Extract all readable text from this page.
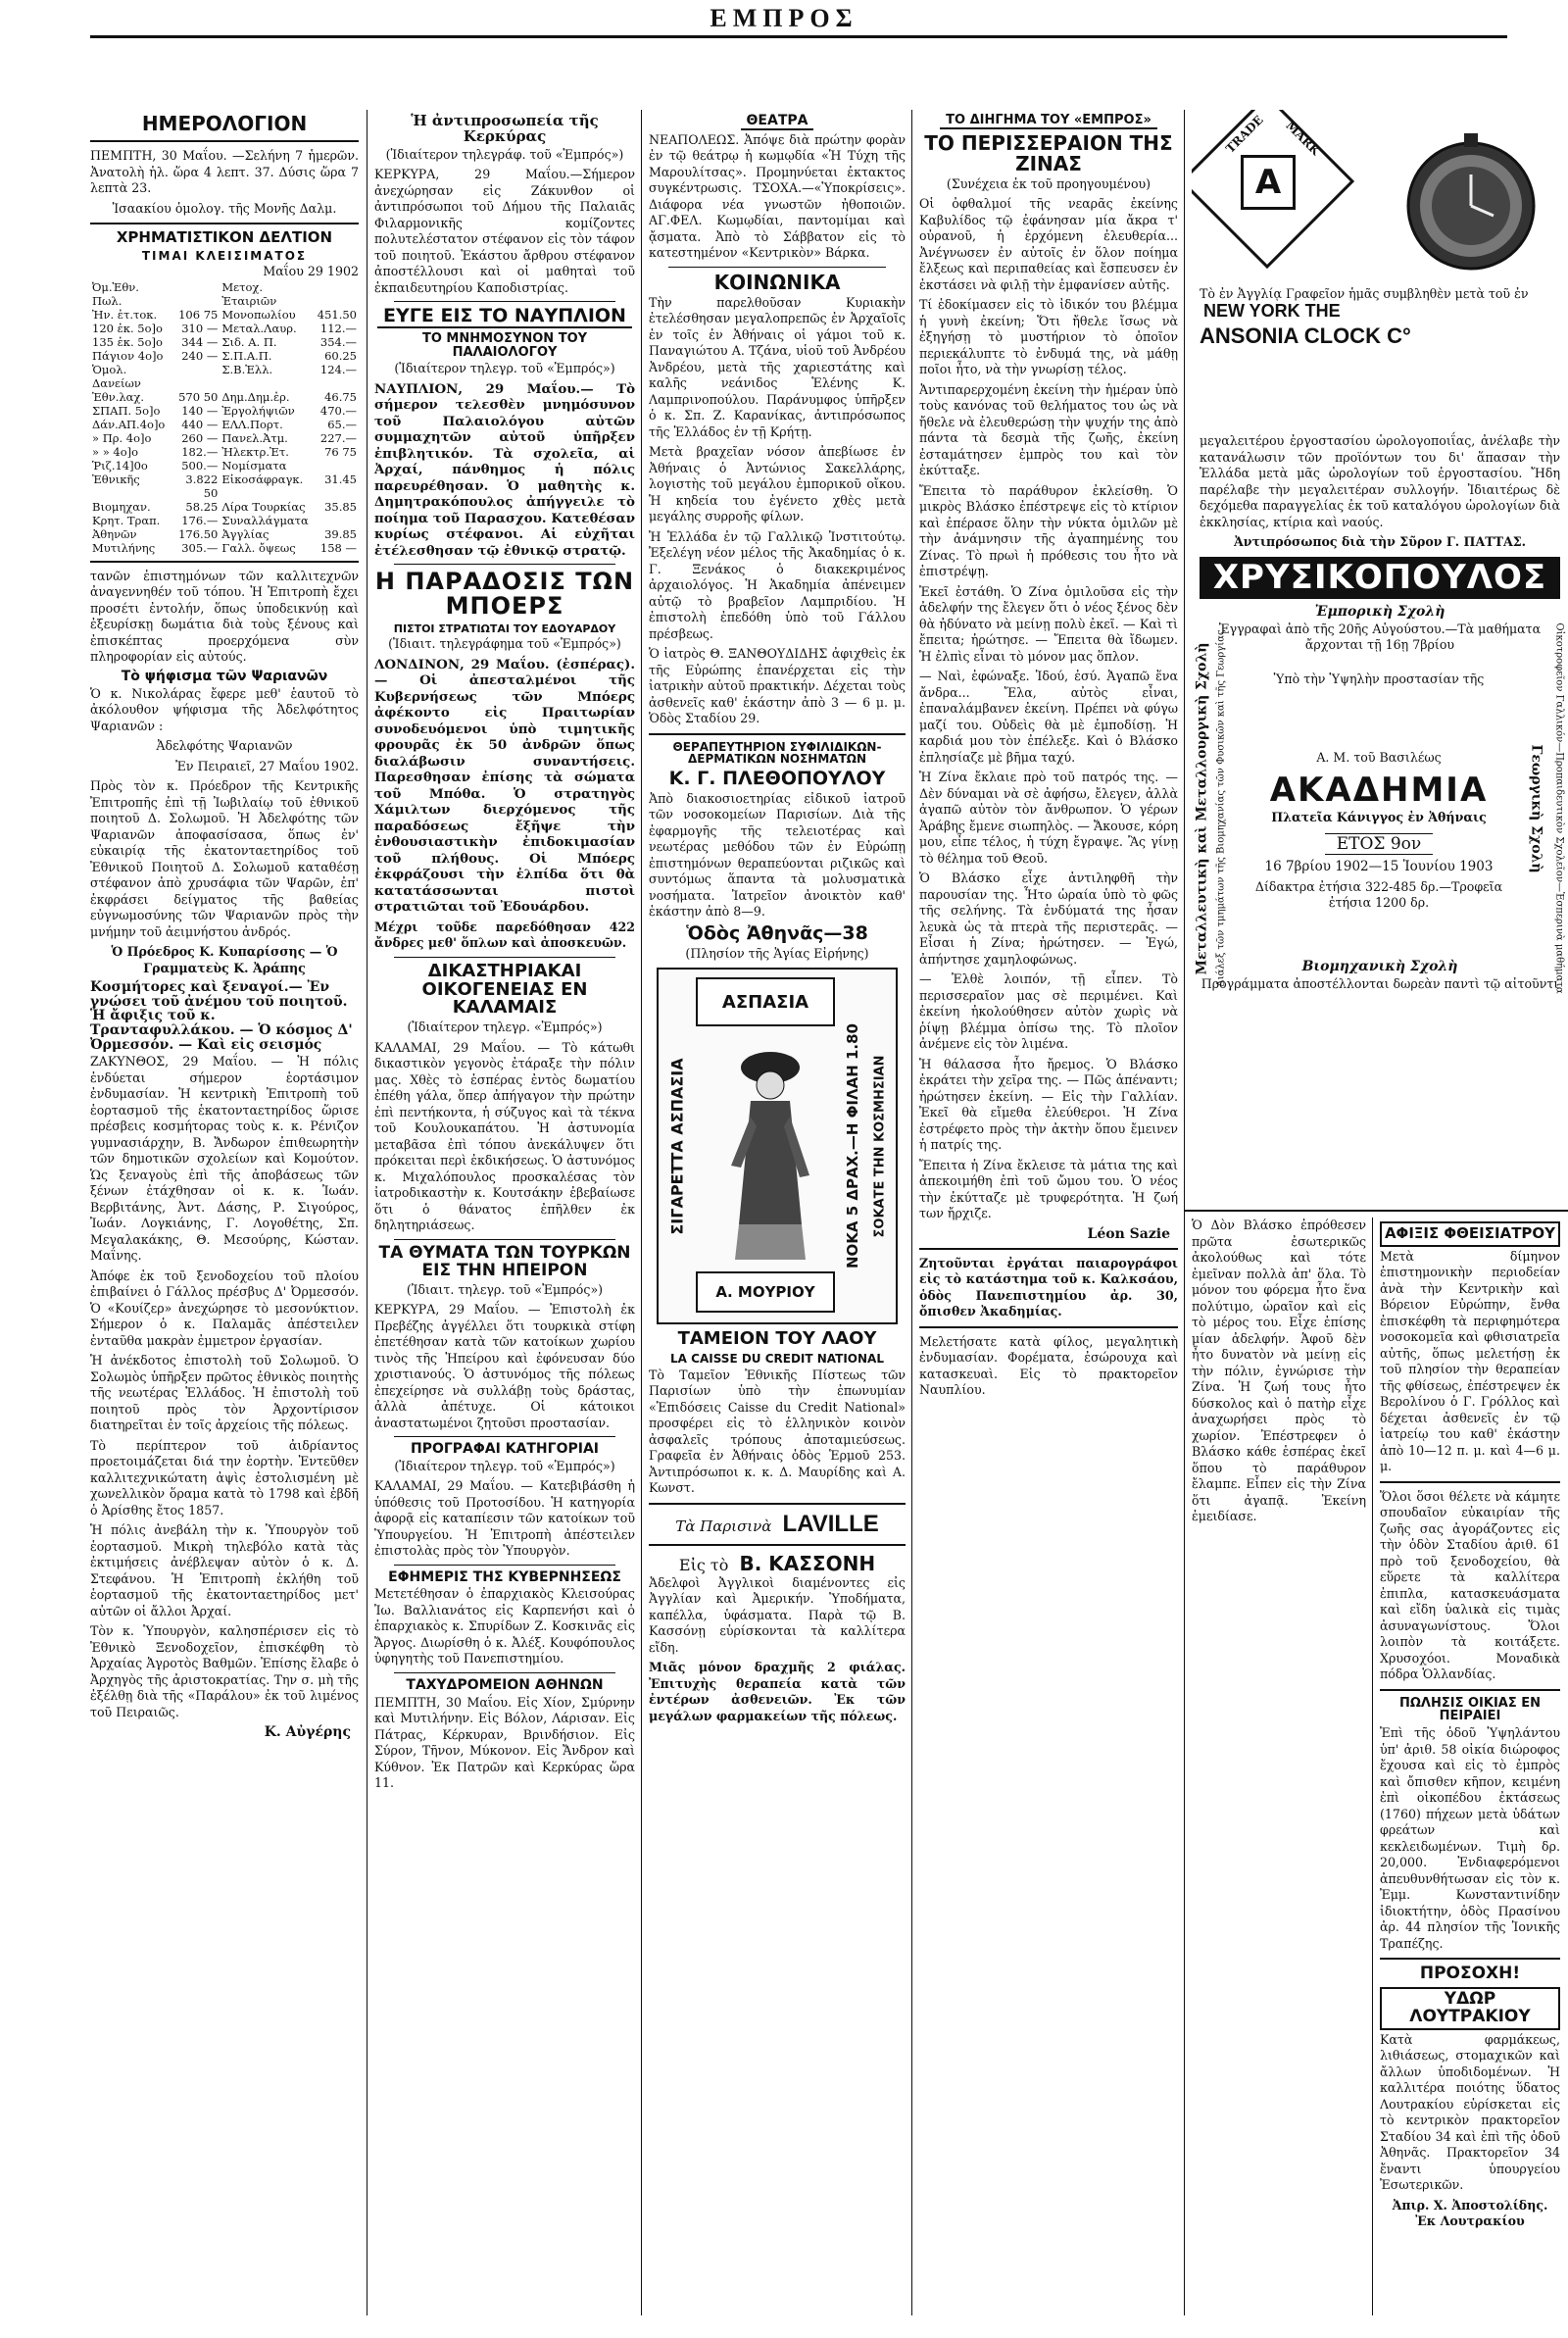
ΕΜΠΡΟΣ
ΗΜΕΡΟΛΟΓΙΟΝ

ΠΕΜΠΤΗ, 30 Μαΐου. —Σελήνη 7 ἡμερῶν. Ἀνατολὴ ἡλ. ὥρα 4 λεπτ. 37. Δύσις ὥρα 7 λεπτὰ 23.

Ἰσαακίου ὁμολογ. τῆς Μονῆς Δαλμ.

ΧΡΗΜΑΤΙΣΤΙΚΟΝ ΔΕΛΤΙΟΝ
ΤΙΜΑΙ ΚΛΕΙΣΙΜΑΤΟΣ
Μαΐου 29 1902
Ὀμ.Ἐθν. Πωλ.		Μετοχ. Ἑταιριῶν	
Ἠν. ἐτ.τοκ.	106 75	Μονοπωλίου	451.50
120 ἐκ. 5ο]ο	310 —	Μεταλ.Λαυρ.	112.—
135 ἐκ. 5ο]ο	344 —	Σιδ. Α. Π.	354.—
Πάγιον 4ο]ο	240 —	Σ.Π.Α.Π.	60.25
Ὁμολ. Δανείων		Σ.Β.Ἑλλ.	124.—
Ἐθν.λαχ.	570 50	Δημ.Δημ.ἑρ.	46.75
ΣΠΑΠ. 5ο]ο	140 —	Ἐργολήψιῶν	470.—
Δάν.ΑΠ.4ο]ο	440 —	ΕΛΛ.Πορτ.	65.—
» Πρ. 4ο]ο	260 —	Πανελ.Ἀτμ.	227.—
» » 4ο]ο	182.—	Ἠλεκτρ.Ἐτ.	76 75
Ῥιζ.14]0ο	500.—	Νομίσματα	
Ἐθνικῆς	3.822 50	Εἰκοσάφραγκ.	31.45
Βιομηχαν.	58.25	Λίρα Τουρκίας	35.85
Κρητ. Τραπ.	176.—	Συναλλάγματα	
Ἀθηνῶν	176.50	Ἀγγλίας	39.85
Μυτιλήνης	305.—	Γαλλ. ὄψεως	158 —

τανῶν ἐπιστημόνων τῶν καλλιτεχνῶν ἀναγεννηθέν τοῦ τόπου. Ἡ Ἐπιτροπὴ ἔχει προσέτι ἐντολήν, ὅπως ὑποδεικνύῃ καὶ ἐξευρίσκῃ δωμάτια διὰ τοὺς ξένους καὶ ἐπισκέπτας προερχόμενα σὺν πληροφορίαν εἰς αὐτούς.

Τὸ ψήφισμα τῶν Ψαριανῶν

Ὁ κ. Νικολάρας ἔφερε μεθ' ἑαυτοῦ τὸ ἀκόλουθον ψήφισμα τῆς Ἀδελφότητος Ψαριανῶν :

Ἀδελφότης Ψαριανῶν

Ἐν Πειραιεῖ, 27 Μαΐου 1902.

Πρὸς τὸν κ. Πρόεδρον τῆς Κεντρικῆς Ἐπιτροπῆς ἐπὶ τῇ Ἰωβιλαίῳ τοῦ ἐθνικοῦ ποιητοῦ Δ. Σολωμοῦ. Ἡ Ἀδελφότης τῶν Ψαριανῶν ἀποφασίσασα, ὅπως ἐν' εὐκαιρίᾳ τῆς ἑκατονταετηρίδος τοῦ Ἐθνικοῦ Ποιητοῦ Δ. Σολωμοῦ καταθέσῃ στέφανον ἀπὸ χρυσάφια τῶν Ψαρῶν, ἐπ' ἐκφράσει δείγματος τῆς βαθείας εὐγνωμοσύνης τῶν Ψαριανῶν πρὸς τὴν μνήμην τοῦ ἀειμνήστου ἀνδρός.

Ὁ Πρόεδρος Κ. Κυπαρίσσης — Ὁ Γραμματεὺς Κ. Ἀράπης

Κοσμήτορες καὶ ξεναγοί.— Ἐν γνώσει τοῦ ἀνέμου τοῦ ποιητοῦ. Ἡ ἄφιξις τοῦ κ. Τρανταφυλλάκου. — Ὁ κόσμος Δ' Ὀρμεσσόν. — Καὶ εἰς σεισμός

ΖΑΚΥΝΘΟΣ, 29 Μαΐου. — Ἡ πόλις ἐνδύεται σήμερον ἑορτάσιμον ἐνδυμασίαν. Ἡ κεντρικὴ Ἐπιτροπὴ τοῦ ἑορτασμοῦ τῆς ἑκατονταετηρίδος ὥρισε πρέσβεις κοσμήτορας τοὺς κ. κ. Ρένιζον γυμνασιάρχην, Β. Ἄνδωρον ἐπιθεωρητὴν τῶν δημοτικῶν σχολείων καὶ Κομούτον. Ὡς ξεναγοὺς ἐπὶ τῆς ἀποβάσεως τῶν ξένων ἐτάχθησαν οἱ κ. κ. Ἰωάν. Βερβιτάνης, Ἀντ. Δάσης, Ρ. Σιγούρος, Ἰωάν. Λογκιάνης, Γ. Λογοθέτης, Σπ. Μεγαλακάκης, Θ. Μεσούρης, Κώσταν. Μαΐνης.

Ἀπόφε ἐκ τοῦ ξενοδοχείου τοῦ πλοίου ἐπιβαίνει ὁ Γάλλος πρέσβυς Δ' Ὀρμεσσόν. Ὁ «Κουίζερ» ἀνεχώρησε τὸ μεσονύκτιον. Σήμερον ὁ κ. Παλαμᾶς ἀπέστειλεν ἐνταῦθα μακρὰν ἐμμετρον ἐργασίαν.

Ἡ ἀνέκδοτος ἐπιστολὴ τοῦ Σολωμοῦ. Ὁ Σολωμὸς ὑπῆρξεν πρῶτος ἐθνικὸς ποιητὴς τῆς νεωτέρας Ἑλλάδος. Ἡ ἐπιστολὴ τοῦ ποιητοῦ πρὸς τὸν Ἀρχοντίρισον διατηρεῖται ἐν τοῖς ἀρχείοις τῆς πόλεως.

Τὸ περίπτερον τοῦ ἀιδρίαντος προετοιμάζεται διά την ἐορτὴν. Ἐντεῦθεν καλλιτεχνικώτατη ἀψὶς ἐστολισμένη μὲ χωνελλικὸν ὅραμα κατὰ τὸ 1798 καὶ ἐβδῆ ὁ Ἀρίσθης ἔτος 1857.

Ἡ πόλις ἀνεβάλη τὴν κ. Ὑπουργὸν τοῦ ἑορτασμοῦ. Μικρὴ τηλεβόλο κατὰ τὰς ἐκτιμήσεις ἀνέβλεψαν αὐτὸν ὁ κ. Δ. Στεφάνου. Ἡ Ἐπιτροπὴ ἐκλήθη τοῦ ἑορτασμοῦ τῆς ἑκατονταετηρίδος μετ' αὐτῶν οἱ ἄλλοι Ἀρχαί.

Τὸν κ. Ὑπουργὸν, καλησπέρισεν εἰς τὸ Ἐθνικὸ Ξενοδοχεῖον, ἐπισκέφθη τὸ Ἀρχαίας Ἀγροτὸς Βαθμῶν. Ἐπίσης ἔλαβε ὁ Ἀρχηγὸς τῆς ἀριστοκρατίας. Την σ. μὴ τῆς ἐξέλθῃ διὰ τῆς «Παράλου» ἐκ τοῦ λιμένος τοῦ Πειραιῶς.

Κ. Αὐγέρης
Ἡ ἀντιπροσωπεία τῆς Κερκύρας

(Ἰδιαίτερον τηλεγράφ. τοῦ «Ἐμπρός»)

ΚΕΡΚΥΡΑ, 29 Μαΐου.—Σήμερον ἀνεχώρησαν εἰς Ζάκυνθον οἱ ἀντιπρόσωποι τοῦ Δήμου τῆς Παλαιᾶς Φιλαρμονικῆς κομίζοντες πολυτελέστατον στέφανον εἰς τὸν τάφον τοῦ ποιητοῦ. Ἑκάστου ἄρθρου στέφανον ἀποστέλλουσι καὶ οἱ μαθηταὶ τοῦ ἐκπαιδευτηρίου Καποδιστρίας.

ΕΥΓΕ ΕΙΣ ΤΟ ΝΑΥΠΛΙΟΝ
ΤΟ ΜΝΗΜΟΣΥΝΟΝ ΤΟΥ ΠΑΛΑΙΟΛΟΓΟΥ

(Ἰδιαίτερον τηλεγρ. τοῦ «Ἐμπρός»)

ΝΑΥΠΛΙΟΝ, 29 Μαΐου.— Τὸ σήμερον τελεσθὲν μνημόσυνον τοῦ Παλαιολόγου αὐτῶν συμμαχητῶν αὐτοῦ ὑπῆρξεν ἐπιβλητικόν. Τὰ σχολεῖα, αἱ Ἀρχαί, πάνθημος ἡ πόλις παρευρέθησαν. Ὁ μαθητὴς κ. Δημητρακόπουλος ἀπήγγειλε τὸ ποίημα τοῦ Παρασχου. Κατεθέσαν κυρίως στέφανοι. Αἱ εὐχῆται ἐτέλεσθησαν τῷ ἐθνικῷ στρατῷ.

Η ΠΑΡΑΔΟΣΙΣ ΤΩΝ ΜΠΟΕΡΣ
ΠΙΣΤΟΙ ΣΤΡΑΤΙΩΤΑΙ ΤΟΥ ΕΔΟΥΑΡΔΟΥ

(Ἰδιαιτ. τηλεγράφημα τοῦ «Ἐμπρός»)

ΛΟΝΔΙΝΟΝ, 29 Μαΐου. (ἐσπέρας). — Οἱ ἀπεσταλμένοι τῆς Κυβερνήσεως τῶν Μπόερς ἀφέκοντο εἰς Πραιτωρίαν συνοδευόμενοι ὑπὸ τιμητικῆς φρουρᾶς ἐκ 50 ἀνδρῶν ὅπως διαλάβωσιν συναντήσεις. Παρεσθησαν ἐπίσης τὰ σώματα τοῦ Μπόθα. Ὁ στρατηγὸς Χάμιλτων διερχόμενος τῆς παραδόσεως ἔξῆψε τὴν ἐνθουσιαστικὴν ἐπιδοκιμασίαν τοῦ πλήθους. Οἱ Μπόερς ἐκφράζουσι τὴν ἐλπίδα ὅτι θὰ κατατάσσωνται πιστοὶ στρατιῶται τοῦ Ἐδουάρδου.

Μέχρι τοῦδε παρεδόθησαν 422 ἄνδρες μεθ' ὅπλων καὶ ἀποσκευῶν.

ΔΙΚΑΣΤΗΡΙΑΚΑΙ ΟΙΚΟΓΕΝΕΙΑΣ ΕΝ ΚΑΛΑΜΑΙΣ

(Ἰδιαίτερον τηλεγρ. «Ἐμπρός»)

ΚΑΛΑΜΑΙ, 29 Μαΐου. — Τὸ κάτωθι δικαστικὸν γεγονὸς ἐτάραξε τὴν πόλιν μας. Χθὲς τὸ ἑσπέρας ἐντὸς δωματίου ἐπέθη γάλα, ὅπερ ἀπήγαγον τὴν πρώτην ἐπὶ πεντήκοντα, ἡ σύζυγος καὶ τὰ τέκνα τοῦ Κουλουκαπάτου. Ἡ ἀστυνομία μεταβᾶσα ἐπὶ τόπου ἀνεκάλυψεν ὅτι πρόκειται περὶ ἐκδικήσεως. Ὁ ἀστυνόμος κ. Μιχαλόπουλος προσκαλέσας τὸν ἰατροδικαστὴν κ. Κουτσάκην ἐβεβαίωσε ὅτι ὁ θάνατος ἐπῆλθεν ἐκ δηλητηριάσεως.

ΤΑ ΘΥΜΑΤΑ ΤΩΝ ΤΟΥΡΚΩΝ ΕΙΣ ΤΗΝ ΗΠΕΙΡΟΝ

(Ἰδιαιτ. τηλεγρ. τοῦ «Ἐμπρός»)

ΚΕΡΚΥΡΑ, 29 Μαΐου. — Ἐπιστολὴ ἐκ Πρεβέζης ἀγγέλλει ὅτι τουρκικὰ στίφη ἐπετέθησαν κατὰ τῶν κατοίκων χωρίου τινὸς τῆς Ἠπείρου καὶ ἐφόνευσαν δύο χριστιανούς. Ὁ ἀστυνόμος τῆς πόλεως ἐπεχείρησε νὰ συλλάβῃ τοὺς δράστας, ἀλλὰ ἀπέτυχε. Οἱ κάτοικοι ἀναστατωμένοι ζητοῦσι προστασίαν.

ΠΡΟΓΡΑΦΑΙ ΚΑΤΗΓΟΡΙΑΙ

(Ἰδιαίτερον τηλεγρ. τοῦ «Ἐμπρός»)

ΚΑΛΑΜΑΙ, 29 Μαΐου. — Κατεβιβάσθη ἡ ὑπόθεσις τοῦ Προτοσίδου. Ἡ κατηγορία ἀφορᾷ εἰς καταπίεσιν τῶν κατοίκων τοῦ Ὑπουργείου. Ἡ Ἐπιτροπὴ ἀπέστειλεν ἐπιστολὰς πρὸς τὸν Ὑπουργὸν.

ΕΦΗΜΕΡΙΣ ΤΗΣ ΚΥΒΕΡΝΗΣΕΩΣ

Μετετέθησαν ὁ ἐπαρχιακὸς Κλεισούρας Ἰω. Βαλλιανάτος εἰς Καρπενήσι καὶ ὁ ἐπαρχιακὸς κ. Σπυρίδων Ζ. Κοσκινᾶς εἰς Ἄργος. Διωρίσθη ὁ κ. Ἀλέξ. Κουφόπουλος ὑφηγητὴς τοῦ Πανεπιστημίου.

ΤΑΧΥΔΡΟΜΕΙΟΝ ΑΘΗΝΩΝ

ΠΕΜΠΤΗ, 30 Μαΐου. Εἰς Χίον, Σμύρνην καὶ Μυτιλήνην. Εἰς Βόλον, Λάρισαν. Εἰς Πάτρας, Κέρκυραν, Βρινδήσιον. Εἰς Σύρον, Τῆνον, Μύκονον. Εἰς Ἄνδρον καὶ Κύθνον. Ἐκ Πατρῶν καὶ Κερκύρας ὥρα 11.

ΘΕΑΤΡΑ

ΝΕΑΠΟΛΕΩΣ. Ἀπόψε διὰ πρώτην φορὰν ἐν τῷ θεάτρῳ ἡ κωμῳδία «Ἡ Τύχη τῆς Μαρουλίτσας». Προμηνύεται ἐκτακτος συγκέντρωσις. ΤΣΟΧΑ.—«Ὑποκρίσεις». Διάφορα νέα γνωστῶν ἠθοποιῶν. ΑΓ.ΦΕΛ. Κωμῳδίαι, παντομίμαι καὶ ᾄσματα. Ἀπὸ τὸ Σάββατον εἰς τὸ κατεστημένον «Κεντρικὸν» Βάρκα.

ΚΟΙΝΩΝΙΚΑ

Τὴν παρελθοῦσαν Κυριακὴν ἐτελέσθησαν μεγαλοπρεπῶς ἐν Ἀρχαῖοῖς ἐν τοῖς ἐν Ἀθήναις οἱ γάμοι τοῦ κ. Παναγιώτου Α. Τζάνα, υἱοῦ τοῦ Ἀνδρέου Ἀνδρέου, μετὰ τῆς χαριεστάτης καὶ καλῆς νεάνιδος Ἑλένης Κ. Λαμπρινοπούλου. Παράνυμφος ὑπῆρξεν ὁ κ. Σπ. Ζ. Καρανίκας, ἀντιπρόσωπος τῆς Ἑλλάδος ἐν τῇ Κρήτῃ.

Μετὰ βραχεῖαν νόσον ἀπεβίωσε ἐν Ἀθήναις ὁ Ἀντώνιος Σακελλάρης, λογιστὴς τοῦ μεγάλου ἐμπορικοῦ οἴκου. Ἡ κηδεία του ἐγένετο χθὲς μετὰ μεγάλης συρροῆς φίλων.

Ἡ Ἑλλάδα ἐν τῷ Γαλλικῷ Ἰνστιτούτῳ. Ἐξελέγη νέον μέλος τῆς Ἀκαδημίας ὁ κ. Γ. Ξενάκος ὁ διακεκριμένος ἀρχαιολόγος. Ἡ Ἀκαδημία ἀπένειμεν αὐτῷ τὸ βραβεῖον Λαμπριδίου. Ἡ ἐπιστολὴ ἐπεδόθη ὑπὸ τοῦ Γάλλου πρέσβεως.

Ὁ ἰατρὸς Θ. ΞΑΝΘΟΥΔΙΔΗΣ ἀφιχθεὶς ἐκ τῆς Εὐρώπης ἐπανέρχεται εἰς τὴν ἰατρικὴν αὐτοῦ πρακτικήν. Δέχεται τοὺς ἀσθενεῖς καθ' ἑκάστην ἀπὸ 3 — 6 μ. μ. Ὁδὸς Σταδίου 29.

ΘΕΡΑΠΕΥΤΗΡΙΟΝ ΣΥΦΙΛΙΔΙΚΩΝ-ΔΕΡΜΑΤΙΚΩΝ ΝΟΣΗΜΑΤΩΝ
Κ. Γ. ΠΛΕΘΟΠΟΥΛΟΥ

Ἀπὸ διακοσιοετηρίας εἰδικοῦ ἰατροῦ τῶν νοσοκομείων Παρισίων. Διὰ τῆς ἐφαρμογῆς τῆς τελειοτέρας καὶ νεωτέρας μεθόδου τῶν ἐν Εὐρώπῃ ἐπιστημόνων θεραπεύονται ριζικῶς καὶ συντόμως ἅπαντα τὰ μολυσματικὰ νοσήματα. Ἰατρεῖον ἀνοικτὸν καθ' ἑκάστην ἀπὸ 8—9.

Ὁδὸς Ἀθηνᾶς—38

(Πλησίον τῆς Ἁγίας Εἰρήνης)

ΣΙΓΑΡΕΤΤΑ ΑΣΠΑΣΙΑ
ΑΣΠΑΣΙΑ
Α. ΜΟΥΡΙΟΥ
ΝΟΚΑ 5 ΔΡΑΧ.—Η ΦΙΛΑΗ 1.80 ΣΟΚΑΤΕ ΤΗΝ ΚΟΣΜΗΣΙΑΝ
ΤΑΜΕΙΟΝ ΤΟΥ ΛΑΟΥ
LA CAISSE DU CREDIT NATIONAL

Τὸ Ταμεῖον Ἐθνικῆς Πίστεως τῶν Παρισίων ὑπὸ τὴν ἐπωνυμίαν «Ἐπιδόσεις Caisse du Credit National» προσφέρει εἰς τὸ ἑλληνικὸν κοινὸν ἀσφαλεῖς τρόπους ἀποταμιεύσεως. Γραφεῖα ἐν Ἀθήναις ὁδὸς Ἑρμοῦ 253. Ἀντιπρόσωποι κ. κ. Δ. Μαυρίδης καὶ Α. Κωνστ.

Τὰ Παρισινὰ LAVILLE
Εἰς τὸ Β. ΚΑΣΣΟΝΗ

Ἀδελφοὶ Ἀγγλικοὶ διαμένοντες εἰς Ἀγγλίαν καὶ Ἀμερικήν. Ὑποδήματα, καπέλλα, ὑφάσματα. Παρὰ τῷ Β. Κασσόνῃ εὑρίσκονται τὰ καλλίτερα εἴδη.

Μιᾶς μόνον δραχμῆς 2 φιάλας. Ἐπιτυχὴς θεραπεία κατὰ τῶν ἐντέρων ἀσθενειῶν. Ἐκ τῶν μεγάλων φαρμακείων τῆς πόλεως.

ΤΟ ΔΙΗΓΗΜΑ ΤΟΥ «ΕΜΠΡΟΣ»
ΤΟ ΠΕΡΙΣΣΕΡΑΙΟΝ ΤΗΣ ΖΙΝΑΣ

(Συνέχεια ἐκ τοῦ προηγουμένου)

Οἱ ὀφθαλμοί τῆς νεαρᾶς ἐκείνης Καβυλίδος τῷ ἐφάνησαν μία ἄκρα τ' οὐρανοῦ, ἡ ἐρχόμενη ἐλευθερία... Ἀνέγνωσεν ἐν αὐτοῖς ἐν ὅλον ποίημα ἔλξεως καὶ περιπαθείας καὶ ἔσπευσεν ἐν ἐκστάσει νὰ φιλῇ τὴν ἐμφανίσεν αὐτῆς.

Τί ἐδοκίμασεν εἰς τὸ ἰδικόν του βλέμμα ἡ γυνὴ ἐκείνη; Ὅτι ἤθελε ἴσως νὰ ἐξηγήσῃ τὸ μυστήριον τὸ ὁποῖον περιεκάλυπτε τὸ ἐνδυμά της, νὰ μάθῃ ποῖοι ἦτο, νὰ τὴν γνωρίσῃ τέλος.

Ἀντιπαρερχομένη ἐκείνη τὴν ἡμέραν ὑπὸ τοὺς κανόνας τοῦ θελήματος του ὡς νὰ ἤθελε νὰ ἐλευθερώσῃ τὴν ψυχήν της ἀπὸ πάντα τὰ δεσμὰ τῆς ζωῆς, ἐκείνη ἐσταμάτησεν ἐμπρὸς του καὶ τὸν ἐκύτταξε.

Ἔπειτα τὸ παράθυρον ἐκλείσθη. Ὁ μικρὸς Βλάσκο ἐπέστρεψε εἰς τὸ κτίριον καὶ ἐπέρασε ὅλην τὴν νύκτα ὁμιλῶν μὲ τὴν ἀνάμνησιν τῆς ἀγαπημένης του Ζίνας. Τὸ πρωὶ ἡ πρόθεσις του ἦτο νὰ ἐπιστρέψῃ.

Ἐκεῖ ἐστάθη. Ὁ Ζίνα ὁμιλοῦσα εἰς τὴν ἀδελφήν της ἔλεγεν ὅτι ὁ νέος ξένος δὲν θὰ ἠδύνατο νὰ μείνῃ πολὺ ἐκεῖ. — Καὶ τὶ ἔπειτα; ἠρώτησε. — Ἔπειτα θὰ ἴδωμεν. Ἡ ἐλπὶς εἶναι τὸ μόνον μας ὅπλον.

— Ναὶ, ἐφώναξε. Ἰδού, ἐσύ. Ἀγαπῶ ἕνα ἄνδρα... Ἔλα, αὐτὸς εἶναι, ἐπαναλάμβανεν ἐκείνη. Πρέπει νὰ φύγω μαζί του. Οὐδεὶς θὰ μὲ ἐμποδίσῃ. Ἡ καρδιά μου τὸν ἐπέλεξε. Καὶ ὁ Βλάσκο ἐπλησίαζε μὲ βῆμα ταχύ.

Ἡ Ζίνα ἔκλαιε πρὸ τοῦ πατρός της. — Δὲν δύναμαι νὰ σὲ ἀφήσω, ἔλεγεν, ἀλλὰ ἀγαπῶ αὐτὸν τὸν ἄνθρωπον. Ὁ γέρων Ἀράβης ἔμενε σιωπηλὸς. — Ἄκουσε, κόρη μου, εἶπε τέλος, ἡ τύχη ἔγραψε. Ἂς γίνῃ τὸ θέλημα τοῦ Θεοῦ.

Ὁ Βλάσκο εἶχε ἀντιληφθῆ τὴν παρουσίαν της. Ἦτο ὡραία ὑπὸ τὸ φῶς τῆς σελήνης. Τὰ ἐνδύματά της ἦσαν λευκὰ ὡς τὰ πτερὰ τῆς περιστερᾶς. — Εἶσαι ἡ Ζίνα; ἠρώτησεν. — Ἐγώ, ἀπήντησε χαμηλοφώνως.

— Ἐλθὲ λοιπόν, τῇ εἶπεν. Τὸ περισσεραῖον μας σὲ περιμένει. Καὶ ἐκείνη ἠκολούθησεν αὐτὸν χωρὶς νὰ ῥίψῃ βλέμμα ὀπίσω της. Τὸ πλοῖον ἀνέμενε εἰς τὸν λιμένα.

Ἡ θάλασσα ἦτο ἤρεμος. Ὁ Βλάσκο ἐκράτει τὴν χεῖρα της. — Πῶς ἀπέναντι; ἠρώτησεν ἐκείνη. — Εἰς τὴν Γαλλίαν. Ἐκεῖ θὰ εἴμεθα ἐλεύθεροι. Ἡ Ζίνα ἐστρέφετο πρὸς τὴν ἀκτὴν ὅπου ἔμεινεν ἡ πατρίς της.

Ἔπειτα ἡ Ζίνα ἔκλεισε τὰ μάτια της καὶ ἀπεκοιμήθη ἐπὶ τοῦ ὤμου του. Ὁ νέος τὴν ἐκύτταζε μὲ τρυφερότητα. Ἡ ζωή των ἤρχιζε.

Léon Sazie

Ζητοῦνται ἐργάται παιαρογράφοι εἰς τὸ κατάστημα τοῦ κ. Καλκσάου, ὁδὸς Πανεπιστημίου ἀρ. 30, ὄπισθεν Ἀκαδημίας.

Μελετήσατε κατὰ φίλος, μεγαλητικὴ ἐνδυμασίαν. Φορέματα, ἐσώρουχα καὶ κατασκευαὶ. Εἰς τὸ πρακτορεῖον Ναυπλίου.

TRADE MARK
A
Τὸ ἐν Ἀγγλίᾳ Γραφεῖον ἡμᾶς συμβληθὲν μετὰ τοῦ ἐν NEW YORK THE
ANSONIA CLOCK C°

μεγαλειτέρου ἐργοστασίου ὡρολογοποιΐας, ἀνέλαβε τὴν κατανάλωσιν τῶν προϊόντων του δι' ἅπασαν τὴν Ἑλλάδα μετὰ μᾶς ὡρολογίων τοῦ ἐργοστασίου. Ἤδη παρέλαβε τὴν μεγαλειτέραν συλλογήν. Ἰδιαιτέρως δὲ δεχόμεθα παραγγελίας ἐκ τοῦ καταλόγου ὡρολογίων διὰ ἐκκλησίας, κτίρια καὶ ναούς.

Ἀντιπρόσωπος διὰ τὴν Σῦρον Γ. ΠΑΤΤΑΣ.

ΧΡΥΣΙΚΟΠΟΥΛΟΣ
Ἐμπορικὴ Σχολὴ

Ἐγγραφαὶ ἀπὸ τῆς 20ῆς Αὐγούστου.—Τὰ μαθήματα ἄρχονται τῇ 16ῃ 7βρίου

Μεταλλευτικὴ καὶ Μεταλλουργικὴ Σχολὴ Διάλεξ τῶν τμημάτων τῆς Βιομηχανίας τῶν Φυσικῶν καὶ τῆς Γεωργίας	Γεωργικὴ Σχολὴ Οἰκοτροφεῖον Γαλλικόν—Προπαιδευτικὸν Σχολεῖον—Ἑσπερινὰ μαθήματα

Ὑπὸ τὴν Ὑψηλὴν προστασίαν τῆς

Α. Μ. τοῦ Βασιλέως

ΑΚΑΔΗΜΙΑ

Πλατεῖα Κάνιγγος ἐν Ἀθήναις

ΕΤΟΣ 9ον

16 7βρίου 1902—15 Ἰουνίου 1903

Δίδακτρα ἐτήσια 322-485 δρ.—Τροφεῖα ἐτήσια 1200 δρ.

Βιομηχανικὴ Σχολὴ

Προγράμματα ἀποστέλλονται δωρεὰν παντὶ τῷ αἰτοῦντι

Ὁ Δὸν Βλάσκο ἐπρόθεσεν πρῶτα ἐσωτερικῶς ἀκολούθως καὶ τότε ἐμεῖναν πολλὰ ἀπ' ὅλα. Τὸ μόνον του φόρεμα ἦτο ἕνα πολύτιμο, ὡραῖον καὶ εἰς τὸ μέρος του. Εἶχε ἐπίσης μίαν ἀδελφήν. Ἀφοῦ δὲν ἦτο δυνατὸν νὰ μείνῃ εἰς τὴν πόλιν, ἐγνώρισε τὴν Ζίνα. Ἡ ζωή τους ἦτο δύσκολος καὶ ὁ πατὴρ εἶχε ἀναχωρήσει πρὸς τὸ χωρίον. Ἐπέστρεφεν ὁ Βλάσκο κάθε ἑσπέρας ἐκεῖ ὅπου τὸ παράθυρον ἔλαμπε. Εἶπεν εἰς τὴν Ζίνα ὅτι ἀγαπᾷ. Ἐκείνη ἐμειδίασε.

ΑΦΙΞΙΣ ΦΘΕΙΣΙΑΤΡΟΥ

Μετὰ δίμηνον ἐπιστημονικὴν περιοδείαν ἀνὰ τὴν Κεντρικὴν καὶ Βόρειον Εὐρώπην, ἔνθα ἐπισκέφθη τὰ περιφημότερα νοσοκομεῖα καὶ φθισιατρεῖα αὐτῆς, ὅπως μελετήσῃ ἐκ τοῦ πλησίον τὴν θεραπείαν τῆς φθίσεως, ἐπέστρεψεν ἐκ Βερολίνου ὁ Γ. Γρόλλος καὶ δέχεται ἀσθενεῖς ἐν τῷ ἰατρείῳ του καθ' ἑκάστην ἀπὸ 10—12 π. μ. καὶ 4—6 μ. μ.

Ὅλοι ὅσοι θέλετε νὰ κάμητε σπουδαῖον εὐκαιρίαν τῆς ζωῆς σας ἀγοράζοντες εἰς τὴν ὁδὸν Σταδίου ἀριθ. 61 πρὸ τοῦ ξενοδοχείου, θὰ εὕρετε τὰ καλλίτερα ἐπιπλα, κατασκευάσματα καὶ εἴδη ὑαλικὰ εἰς τιμὰς ἀσυναγωνίστους. Ὅλοι λοιπὸν τὰ κοιτάξετε. Χρυσοχόοι. Μοναδικὰ πόδρα Ὁλλανδίας.

ΠΩΛΗΣΙΣ ΟΙΚΙΑΣ ΕΝ ΠΕΙΡΑΙΕΙ

Ἐπὶ τῆς ὁδοῦ Ὑψηλάντου ὑπ' ἀριθ. 58 οἰκία διώροφος ἔχουσα καὶ εἰς τὸ ἐμπρὸς καὶ ὄπισθεν κῆπον, κειμένη ἐπὶ οἰκοπέδου ἐκτάσεως (1760) πήχεων μετὰ ὑδάτων φρεάτων καὶ κεκλειδωμένων. Τιμὴ δρ. 20,000. Ἐνδιαφερόμενοι ἀπευθυνθήτωσαν εἰς τὸν κ. Ἐμμ. Κωνσταντινίδην ἰδιοκτήτην, ὁδὸς Πρασίνου ἀρ. 44 πλησίον τῆς Ἰονικῆς Τραπέζης.

ΠΡΟΣΟΧΗ!
ΥΔΩΡ ΛΟΥΤΡΑΚΙΟΥ

Κατὰ φαρμάκεως, λιθιάσεως, στομαχικῶν καὶ ἄλλων ὑποδιδομένων. Ἡ καλλιτέρα ποιότης ὕδατος Λουτρακίου εὑρίσκεται εἰς τὸ κεντρικὸν πρακτορεῖον Σταδίου 34 καὶ ἐπὶ τῆς ὁδοῦ Ἀθηνᾶς. Πρακτορεῖον 34 ἔναντι ὑπουργείου Ἐσωτερικῶν.

Ἀπιρ. Χ. Ἀποστολίδης. Ἐκ Λουτρακίου
